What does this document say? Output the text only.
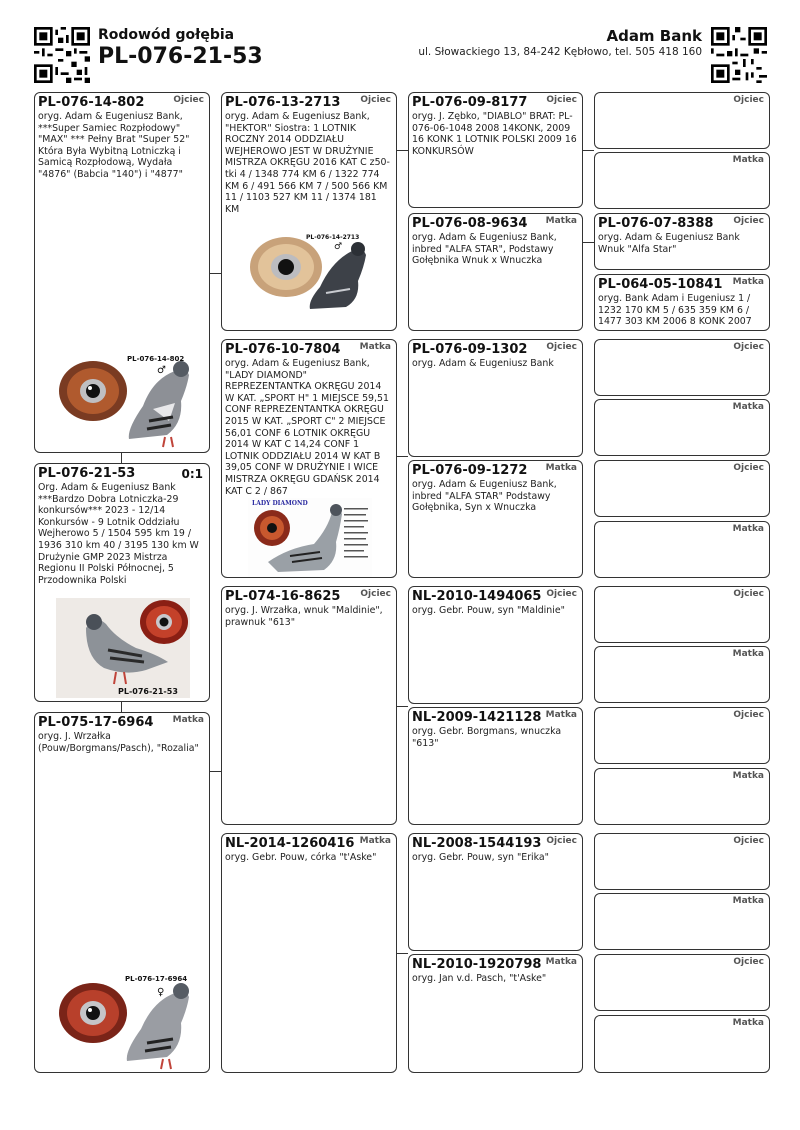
Rodowód gołębia
PL-076-21-53
Adam Bank
ul. Słowackiego 13, 84-242 Kębłowo, tel. 505 418 160
PL-076-14-802	Ojciec
oryg. Adam & Eugeniusz Bank, ***Super Samiec Rozpłodowy" "MAX" *** Pełny Brat "Super 52" Która Była Wybitną Lotniczką i Samicą Rozpłodową, Wydała "4876" (Babcia "140") i "4877"
PL-076-14-802
♂
PL-076-21-53	0:1
Org. Adam & Eugeniusz Bank ***Bardzo Dobra Lotniczka-29 konkursów*** 2023 - 12/14 Konkursów - 9 Lotnik Oddziału Wejherowo 5 / 1504 595 km 19 / 1936 310 km 40 / 3195 130 km W Drużynie GMP 2023 Mistrza Regionu II Polski Północnej, 5 Przodownika Polski
PL-076-21-53
PL-075-17-6964	Matka
oryg. J. Wrzałka (Pouw/Borgmans/Pasch), "Rozalia"
PL-076-17-6964
♀
PL-076-13-2713	Ojciec
oryg. Adam & Eugeniusz Bank, "HEKTOR" Siostra: 1 LOTNIK ROCZNY 2014 ODDZIAŁU WEJHEROWO JEST W DRUŻYNIE MISTRZA OKRĘGU 2016 KAT C z50-tki 4 / 1348 774 KM 6 / 1322 774 KM 6 / 491 566 KM 7 / 500 566 KM 11 / 1103 527 KM 11 / 1374 181 KM
PL-076-14-2713
♂
PL-076-10-7804	Matka
oryg. Adam & Eugeniusz Bank, "LADY DIAMOND" REPREZENTANTKA OKRĘGU 2014 W KAT. „SPORT H" 1 MIEJSCE 59,51 CONF REPREZENTANTKA OKRĘGU 2015 W KAT. „SPORT C" 2 MIEJSCE 56,01 CONF 6 LOTNIK OKRĘGU 2014 W KAT C 14,24 CONF 1 LOTNIK ODDZIAŁU 2014 W KAT B 39,05 CONF W DRUŻYNIE I WICE MISTRZA OKRĘGU GDAŃSK 2014 KAT C 2 / 867
LADY DIAMOND
PL-074-16-8625	Ojciec
oryg. J. Wrzałka, wnuk "Maldinie", prawnuk "613"
NL-2014-1260416 Matka
oryg. Gebr. Pouw, córka "t'Aske"
PL-076-09-8177	Ojciec
oryg. J. Zębko, "DIABLO" BRAT: PL-076-06-1048 2008 14KONK, 2009 16 KONK 1 LOTNIK POLSKI 2009 16 KONKURSÓW
PL-076-08-9634	Matka
oryg. Adam & Eugeniusz Bank, inbred "ALFA STAR", Podstawy Gołębnika Wnuk x Wnuczka
PL-076-09-1302	Ojciec
oryg. Adam & Eugeniusz Bank
PL-076-09-1272	Matka
oryg. Adam & Eugeniusz Bank, inbred "ALFA STAR" Podstawy Gołębnika, Syn x Wnuczka
NL-2010-1494065 Ojciec
oryg. Gebr. Pouw, syn "Maldinie"
NL-2009-1421128 Matka
oryg. Gebr. Borgmans, wnuczka "613"
NL-2008-1544193 Ojciec
oryg. Gebr. Pouw, syn "Erika"
NL-2010-1920798 Matka
oryg. Jan v.d. Pasch, "t'Aske"
Ojciec
Matka
PL-076-07-8388	Ojciec
oryg. Adam & Eugeniusz Bank Wnuk "Alfa Star"
PL-064-05-10841	Matka
oryg. Bank Adam i Eugeniusz 1 / 1232 170 KM 5 / 635 359 KM 6 / 1477 303 KM 2006 8 KONK 2007
Ojciec
Matka
Ojciec
Matka
Ojciec
Matka
Ojciec
Matka
Ojciec
Matka
Ojciec
Matka
